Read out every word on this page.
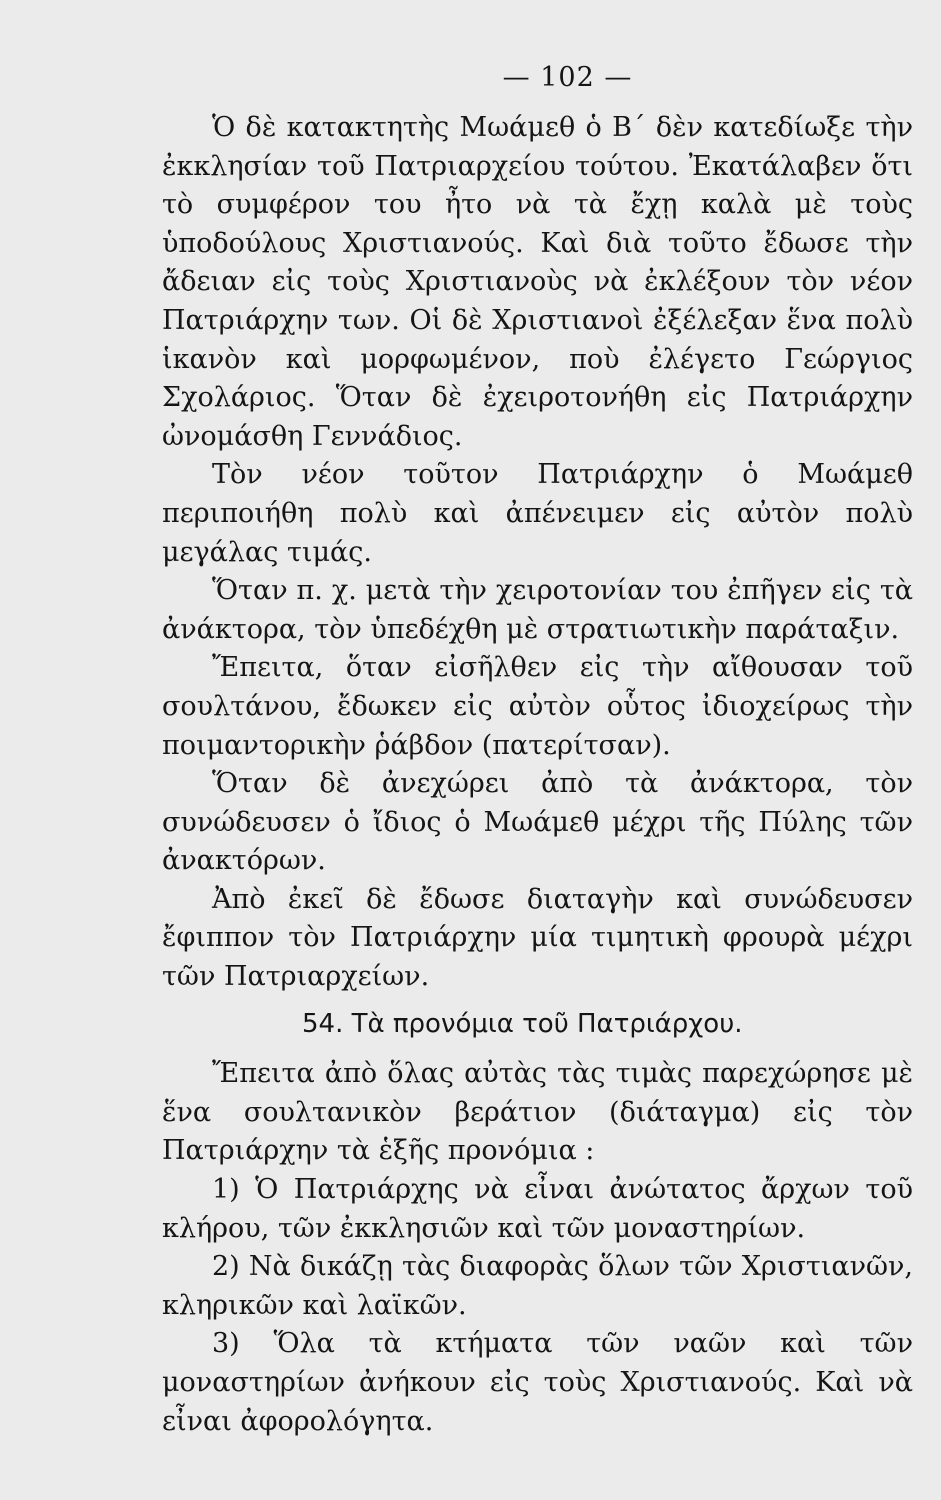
— 102 —

Ὁ δὲ κατακτητὴς Μωάμεθ ὁ Β΄ δὲν κατεδίωξε τὴν ἐκκλησίαν τοῦ Πατριαρχείου τούτου. Ἐκατάλαβεν ὅτι τὸ συμφέρον του ἦτο νὰ τὰ ἔχῃ καλὰ μὲ τοὺς ὑποδούλους Χριστιανούς. Καὶ διὰ τοῦτο ἔδωσε τὴν ἄδειαν εἰς τοὺς Χριστιανοὺς νὰ ἐκλέξουν τὸν νέον Πατριάρχην των. Οἱ δὲ Χριστιανοὶ ἐξέλεξαν ἕνα πολὺ ἱκανὸν καὶ μορφωμένον, ποὺ ἐλέγετο Γεώργιος Σχολάριος. Ὅταν δὲ ἐχειροτονήθη εἰς Πατριάρχην ὠνομάσθη Γεννάδιος.

Τὸν νέον τοῦτον Πατριάρχην ὁ Μωάμεθ περιποιήθη πολὺ καὶ ἀπένειμεν εἰς αὐτὸν πολὺ μεγάλας τιμάς.

Ὅταν π. χ. μετὰ τὴν χειροτονίαν του ἐπῆγεν εἰς τὰ ἀνάκτορα, τὸν ὑπεδέχθη μὲ στρατιωτικὴν παράταξιν.

Ἔπειτα, ὅταν εἰσῆλθεν εἰς τὴν αἴθουσαν τοῦ σουλτάνου, ἔδωκεν εἰς αὐτὸν οὗτος ἰδιοχείρως τὴν ποιμαντορικὴν ῥάβδον (πατερίτσαν).

Ὅταν δὲ ἀνεχώρει ἀπὸ τὰ ἀνάκτορα, τὸν συνώδευσεν ὁ ἴδιος ὁ Μωάμεθ μέχρι τῆς Πύλης τῶν ἀνακτόρων.

Ἀπὸ ἐκεῖ δὲ ἔδωσε διαταγὴν καὶ συνώδευσεν ἔφιππον τὸν Πατριάρχην μία τιμητικὴ φρουρὰ μέχρι τῶν Πατριαρχείων.

54. Τὰ προνόμια τοῦ Πατριάρχου.

Ἔπειτα ἀπὸ ὅλας αὐτὰς τὰς τιμὰς παρεχώρησε μὲ ἕνα σουλτανικὸν βεράτιον (διάταγμα) εἰς τὸν Πατριάρχην τὰ ἑξῆς προνόμια :

1) Ὁ Πατριάρχης νὰ εἶναι ἀνώτατος ἄρχων τοῦ κλήρου, τῶν ἐκκλησιῶν καὶ τῶν μοναστηρίων.

2) Νὰ δικάζῃ τὰς διαφορὰς ὅλων τῶν Χριστιανῶν, κληρικῶν καὶ λαϊκῶν.

3) Ὅλα τὰ κτήματα τῶν ναῶν καὶ τῶν μοναστηρίων ἀνήκουν εἰς τοὺς Χριστιανούς. Καὶ νὰ εἶναι ἀφορολόγητα.
